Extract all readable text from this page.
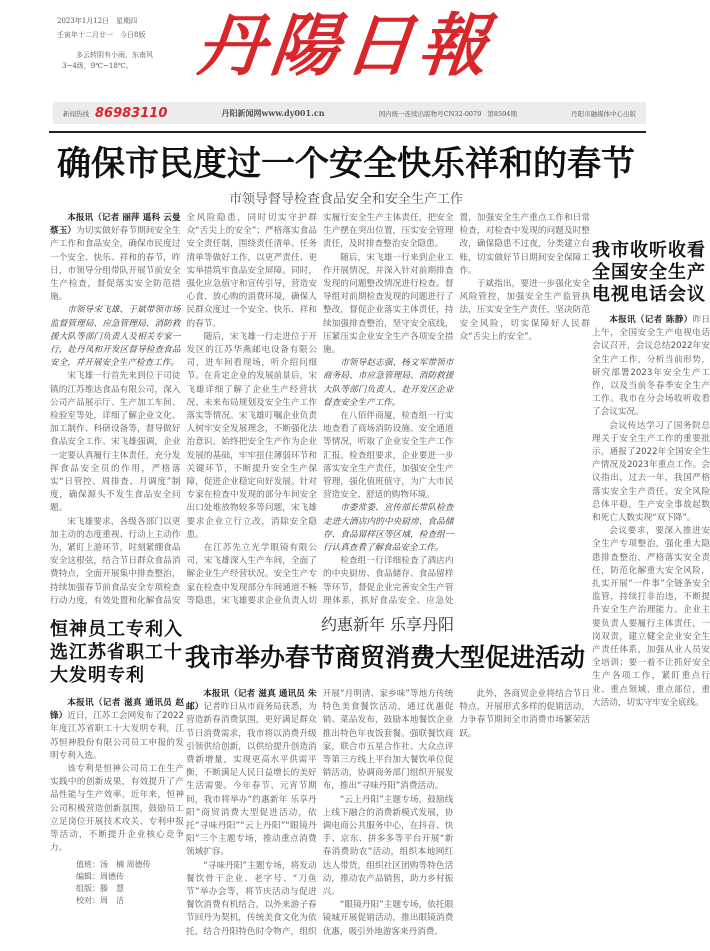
2023年1月12日　星期四
壬寅年十二月廿一　今日8版
多云转阴有小雨，东南风3~4级，9℃~18℃。 丹陽日報
新闻热线 86983110	丹阳新闻网www.dy001.cn	国内统一连续出版物号CN32-0070 第8594期	丹阳市融媒体中心出版
确保市民度过一个安全快乐祥和的春节
市领导督导检查食品安全和安全生产工作

本报讯（记者 丽萍 遥科 云曼 蔡玉）为切实做好春节期间安全生产工作和食品安全，确保市民度过一个安全、快乐、祥和的春节，昨日，市领导分组带队开展节前安全生产检查，督促落实安全防范措施。

市领导宋飞雄、于斌带领市场监督管理局、应急管理局、消防救援大队等部门负责人及相关专家一行，赴丹凤和开发区督导检查食品安全，并开展安全生产检查工作。

宋飞雄一行首先来到位于司徒镇的江苏维达食品有限公司，深入公司产品展示厅、生产加工车间、检验室等处，详细了解企业文化、加工制作、科研设备等，督导做好食品安全工作。宋飞雄强调，企业一定要认真履行主体责任，充分发挥食品安全员的作用，严格落实“日管控、周排查、月调度”制度，确保源头不发生食品安全问题。

宋飞雄要求，各级各部门以更加主动的态度重视、行动上主动作为，紧盯上游环节，时刻紧绷食品安全这根弦，结合节日群众食品消费特点，全面开展集中排查整治，持续加强春节前食品安全专项检查行动力度，有效处置和化解食品安全风险隐患，同时切实守护群众“舌尖上的安全”；严格落实食品安全责任制，围绕责任清单、任务清单等做好工作，以更严责任、更实举措筑牢食品安全屏障。同时，强化应急值守和宣传引导，营造安心食、放心购的消费环境，确保人民群众度过一个安全、快乐、祥和的春节。

随后，宋飞雄一行走进位于开发区的江苏华燕邮电设备有限公司，进车间看现场，听介绍问细节。在肯定企业的发展前景后，宋飞雄详细了解了企业生产经营状况、未来布局规划及安全生产工作落实等情况。宋飞雄叮嘱企业负责人树牢安全发展理念，不断强化法治意识，始终把安全生产作为企业发展的基础，牢牢扭住薄弱环节和关键环节，不断提升安全生产保障，促进企业稳定向好发展。针对专家在检查中发现的部分车间安全出口处堆放物较多等问题，宋飞雄要求企业立行立改，消除安全隐患。

在江苏先立光学眼镜有限公司，宋飞雄深入生产车间，全面了解企业生产经营状况。安全生产专家在检查中发现部分车间通道不畅等隐患，宋飞雄要求企业负责人切实履行安全生产主体责任，把安全生产摆在突出位置，压实安全管理责任，及时排查整治安全隐患。

随后，宋飞雄一行来到企业工作开展情况，并深入针对前期排查发现的问题整改情况进行检查。督导组对前期检查发现的问题进行了整改，督促企业落实主体责任，持续加强排查整治，坚守安全底线，压紧压实企业安全生产各项安全措施。

市领导赵志强、杨文军带领市商务局、市应急管理局、消防救援大队等部门负责人，赴开发区企业督查安全生产工作。

在八佰伴商厦，检查组一行实地查看了商场消防设施、安全通道等情况，听取了企业安全生产工作汇报。检查组要求，企业要进一步落实安全生产责任，加强安全生产管理，强化值班值守，为广大市民营造安全、舒适的购物环境。

市委常委、宣传部长带队检查走进大酒店内的中央厨房、食品储存、食品留样区等区域，检查组一行认真查看了解食品安全工作。

检查组一行详细检查了酒店内的中央厨房、食品储存、食品留样等环节，督促企业完善安全生产管理体系，抓好食品安全、应急处置，加强安全生产重点工作和日常检查，对检查中发现的问题及时整改，确保隐患不过夜，分类建立台账，切实做好节日期间安全保障工作。

于斌指出，要进一步强化安全风险管控，加强安全生产监管执法，压实安全生产责任，坚决防范安全风险，切实保障好人民群众“舌尖上的安全”。

我市收听收看
全国安全生产
电视电话会议

本报讯（记者 陈静）昨日上午，全国安全生产电视电话会议召开，会议总结2022年安全生产工作，分析当前形势，研究部署2023年安全生产工作，以及当前冬春季安全生产工作。我市在分会场收听收看了会议实况。

会议传达学习了国务院总理关于安全生产工作的重要批示，通报了2022年全国安全生产情况及2023年重点工作。会议指出，过去一年，我国严格落实安全生产责任，安全风险总体平稳，生产安全事故起数和死亡人数实现“双下降”。

会议要求，要深入推进安全生产专项整治，强化重大隐患排查整治，严格落实安全责任，防范化解重大安全风险，扎实开展“一件事”全链条安全监管，持续打非治违，不断提升安全生产治理能力。企业主要负责人要履行主体责任，一岗双责，建立健全企业安全生产责任体系，加强从业人员安全培训；要一着不让抓好安全生产各项工作，紧盯重点行业、重点领域、重点部位，重大活动，切实守牢安全底线。

恒神员工专利入选江苏省职工十大发明专利

本报讯（记者 滋真 通讯员 赵锋）近日，江苏工会网发布了2022年度江苏省职工十大发明专利，江苏恒神股份有限公司员工申报的发明专利入选。

该专利是恒神公司员工在生产实践中的创新成果，有效提升了产品性能与生产效率。近年来，恒神公司积极营造创新氛围，鼓励员工立足岗位开展技术攻关、专利申报等活动，不断提升企业核心竞争力。

值班：汤　楠 周德传
编辑：周德传
组版：滕　慧
校对：周　洁
约惠新年 乐享丹阳
我市举办春节商贸消费大型促进活动

本报讯（记者 滋真 通讯员 朱邮）记者昨日从市商务局获悉，为营造新春消费氛围，更好满足群众节日消费需求，我市将以消费升级引领供给创新，以供给提升创造消费新增量，实现更高水平供需平衡，不断满足人民日益增长的美好生活需要。今年春节、元宵节期间，我市将举办“约惠新年 乐享丹阳”商贸消费大型促进活动，依托“寻味丹阳”“云上丹阳”“眼镜丹阳”三个主题专场，推动重点消费领域扩容。

“寻味丹阳”主题专场，将发动餐饮骨干企业、老字号、“刀鱼节”举办会等，将节庆活动与促进餐饮消费有机结合，以外来游子春节回丹为契机，传统美食文化为依托，结合丹阳特色时令物产，组织开展“月明清、家乡味”等地方传统特色美食餐饮活动，通过优惠促销、菜品发布，鼓励本地餐饮企业推出特色年夜饭套餐。强联餐饮商家，联合市五星合作社、大众点评等第三方线上平台加大餐饮单位促销活动，协调商务部门组织开展发布，推出“寻味丹阳”消费活动。

“云上丹阳”主题专场，鼓励线上线下融合的消费新模式发展，协调电商公共服务中心，在抖音、快手、京东、拼多多等平台开展“新春消费助农”活动，组织本地网红达人带货，组织社区团购等特色活动，推动农产品销售，助力乡村振兴。

“眼镜丹阳”主题专场，依托眼镜城开展促销活动，推出眼镜消费优惠，吸引外地游客来丹消费。

此外，各商贸企业将结合节日特点，开展形式多样的促销活动，力争春节期间全市消费市场繁荣活跃。
